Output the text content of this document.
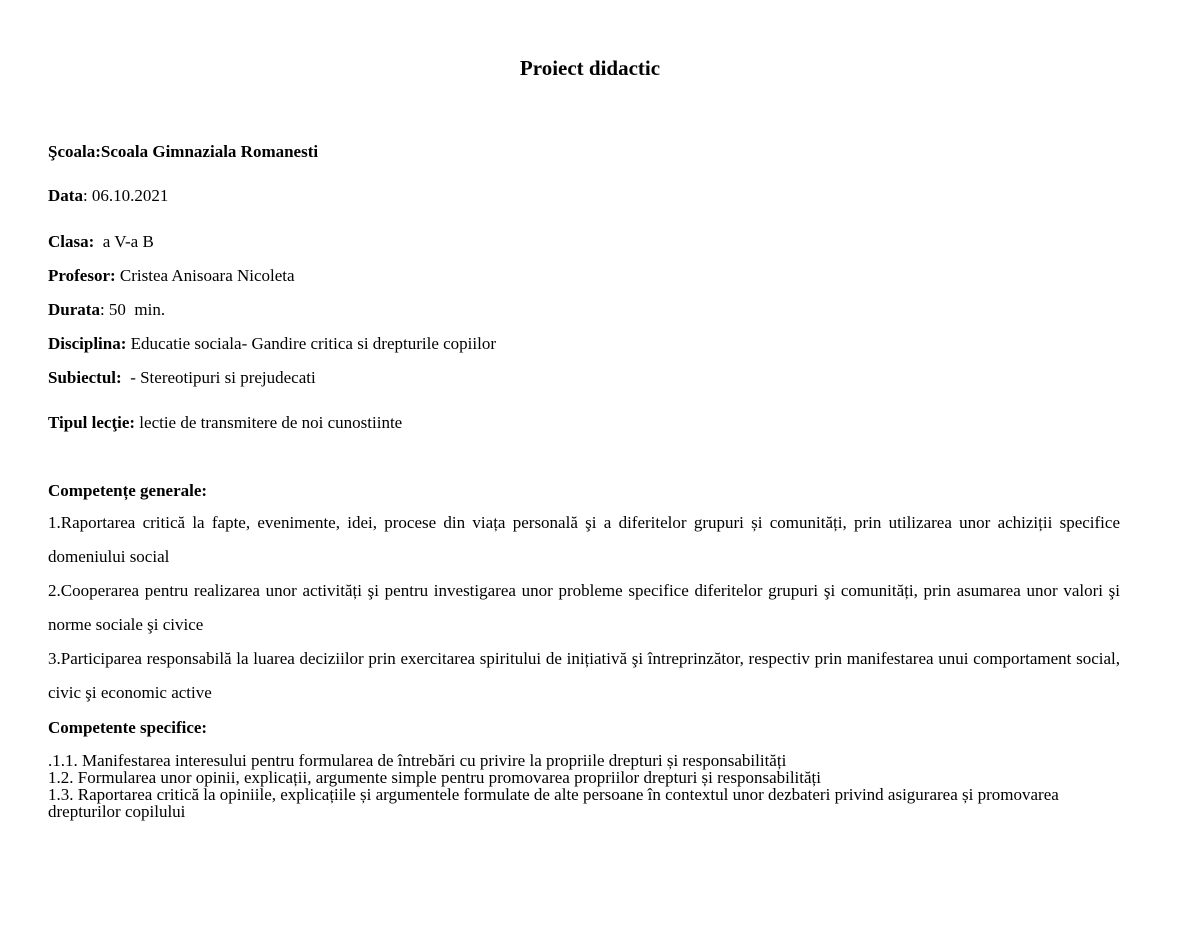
Proiect didactic

Şcoala:Scoala Gimnaziala Romanesti

Data: 06.10.2021

Clasa:  a V-a B

Profesor: Cristea Anisoara Nicoleta

Durata: 50  min.

Disciplina: Educatie sociala- Gandire critica si drepturile copiilor

Subiectul:  - Stereotipuri si prejudecati

Tipul lecţie: lectie de transmitere de noi cunostiinte

Competențe generale:

1.Raportarea critică la fapte, evenimente, idei, procese din viața personală şi a diferitelor grupuri și comunități, prin utilizarea unor achiziții specifice domeniului social

2.Cooperarea pentru realizarea unor activități şi pentru investigarea unor probleme specifice diferitelor grupuri şi comunități, prin asumarea unor valori şi norme sociale şi civice

3.Participarea responsabilă la luarea deciziilor prin exercitarea spiritului de inițiativă şi întreprinzător, respectiv prin manifestarea unui comportament social, civic şi economic active

Competente specifice:

.1.1. Manifestarea interesului pentru formularea de întrebări cu privire la propriile drepturi și responsabilități
1.2. Formularea unor opinii, explicații, argumente simple pentru promovarea propriilor drepturi și responsabilități
1.3. Raportarea critică la opiniile, explicațiile și argumentele formulate de alte persoane în contextul unor dezbateri privind asigurarea și promovarea drepturilor copilului
